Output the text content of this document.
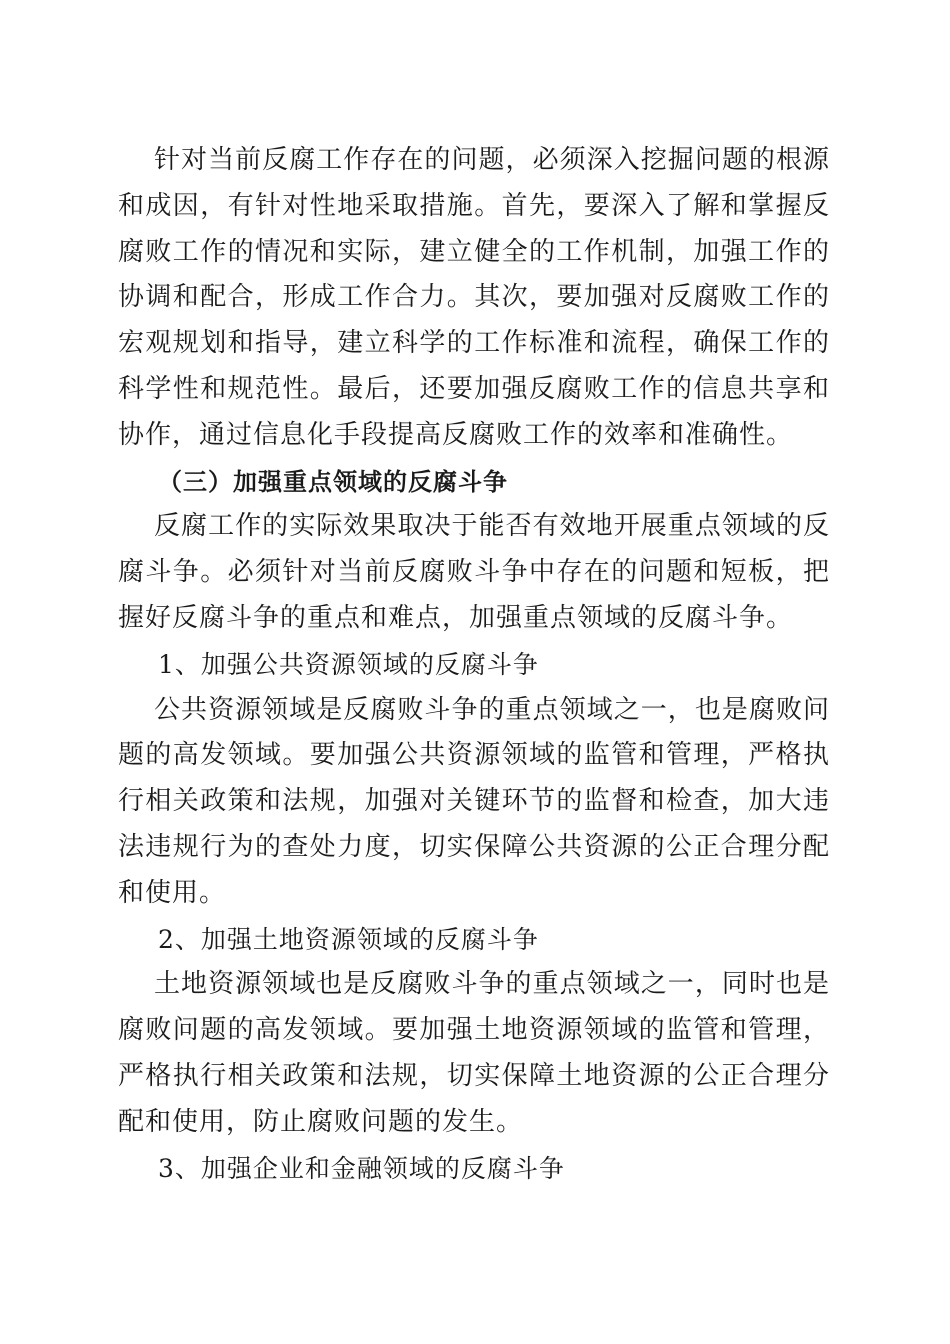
针对当前反腐工作存在的问题，必须深入挖掘问题的根源和成因，有针对性地采取措施。首先，要深入了解和掌握反腐败工作的情况和实际，建立健全的工作机制，加强工作的协调和配合，形成工作合力。其次，要加强对反腐败工作的宏观规划和指导，建立科学的工作标准和流程，确保工作的科学性和规范性。最后，还要加强反腐败工作的信息共享和协作，通过信息化手段提高反腐败工作的效率和准确性。

（三）加强重点领域的反腐斗争

反腐工作的实际效果取决于能否有效地开展重点领域的反腐斗争。必须针对当前反腐败斗争中存在的问题和短板，把握好反腐斗争的重点和难点，加强重点领域的反腐斗争。

1、加强公共资源领域的反腐斗争

公共资源领域是反腐败斗争的重点领域之一，也是腐败问题的高发领域。要加强公共资源领域的监管和管理，严格执行相关政策和法规，加强对关键环节的监督和检查，加大违法违规行为的查处力度，切实保障公共资源的公正合理分配和使用。

2、加强土地资源领域的反腐斗争

土地资源领域也是反腐败斗争的重点领域之一，同时也是腐败问题的高发领域。要加强土地资源领域的监管和管理，严格执行相关政策和法规，切实保障土地资源的公正合理分配和使用，防止腐败问题的发生。

3、加强企业和金融领域的反腐斗争
